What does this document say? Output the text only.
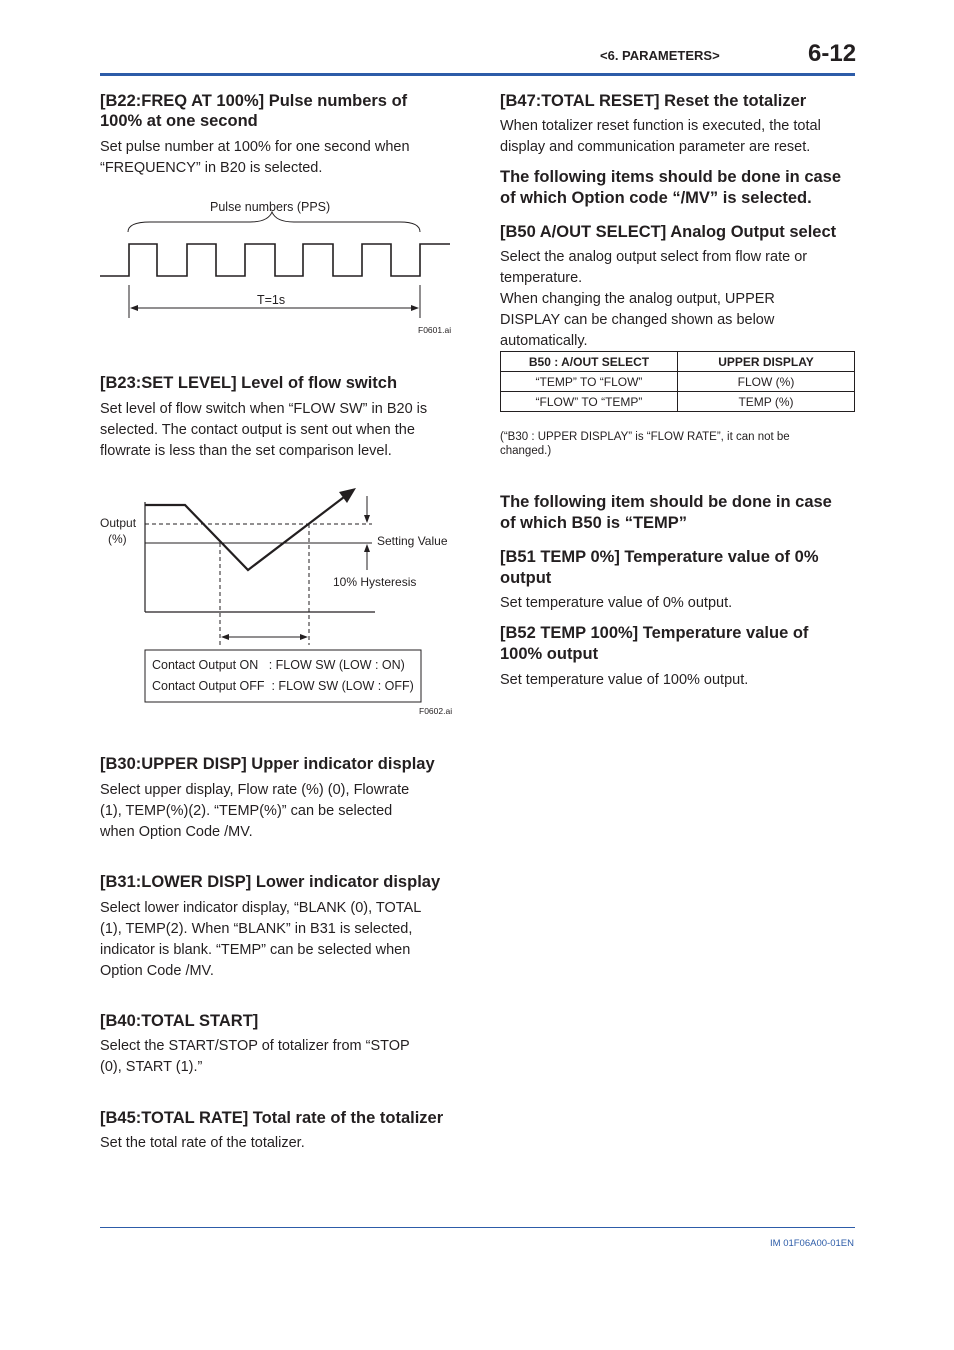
<6. PARAMETERS>	6-12
[B22:FREQ AT 100%] Pulse numbers of
100% at one second
Set pulse number at 100% for one second when
“FREQUENCY” in B20 is selected.
Pulse numbers (PPS)
T=1s
F0601.ai
[B23:SET LEVEL] Level of flow switch
Set level of flow switch when “FLOW SW” in B20 is
selected. The contact output is sent out when the
flowrate is less than the set comparison level.
Output
(%)	Setting Value
10% Hysteresis
Contact Output ON   : FLOW SW (LOW : ON)
Contact Output OFF  : FLOW SW (LOW : OFF)
F0602.ai
[B30:UPPER DISP] Upper indicator display
Select upper display, Flow rate (%) (0), Flowrate
(1), TEMP(%)(2). “TEMP(%)” can be selected
when Option Code /MV.
[B31:LOWER DISP] Lower indicator display
Select lower indicator display, “BLANK (0), TOTAL
(1), TEMP(2). When “BLANK” in B31 is selected,
indicator is blank. “TEMP” can be selected when
Option Code /MV.
[B40:TOTAL START]
Select the START/STOP of totalizer from “STOP
(0), START (1).”
[B45:TOTAL RATE] Total rate of the totalizer
Set the total rate of the totalizer.
[B47:TOTAL RESET] Reset the totalizer
When totalizer reset function is executed, the total
display and communication parameter are reset.
The following items should be done in case
of which Option code “/MV” is selected.
[B50 A/OUT SELECT] Analog Output select
Select the analog output select from flow rate or
temperature.
When changing the analog output, UPPER
DISPLAY can be changed shown as below
automatically.
B50 : A/OUT SELECT	UPPER DISPLAY
“TEMP” TO “FLOW”	FLOW (%)
“FLOW” TO “TEMP”	TEMP (%)
(“B30 : UPPER DISPLAY” is “FLOW RATE”, it can not be
changed.)
The following item should be done in case
of which B50 is “TEMP”
[B51 TEMP 0%] Temperature value of 0%
output
Set temperature value of 0% output.
[B52 TEMP 100%] Temperature value of
100% output
Set temperature value of 100% output.
IM 01F06A00-01EN
